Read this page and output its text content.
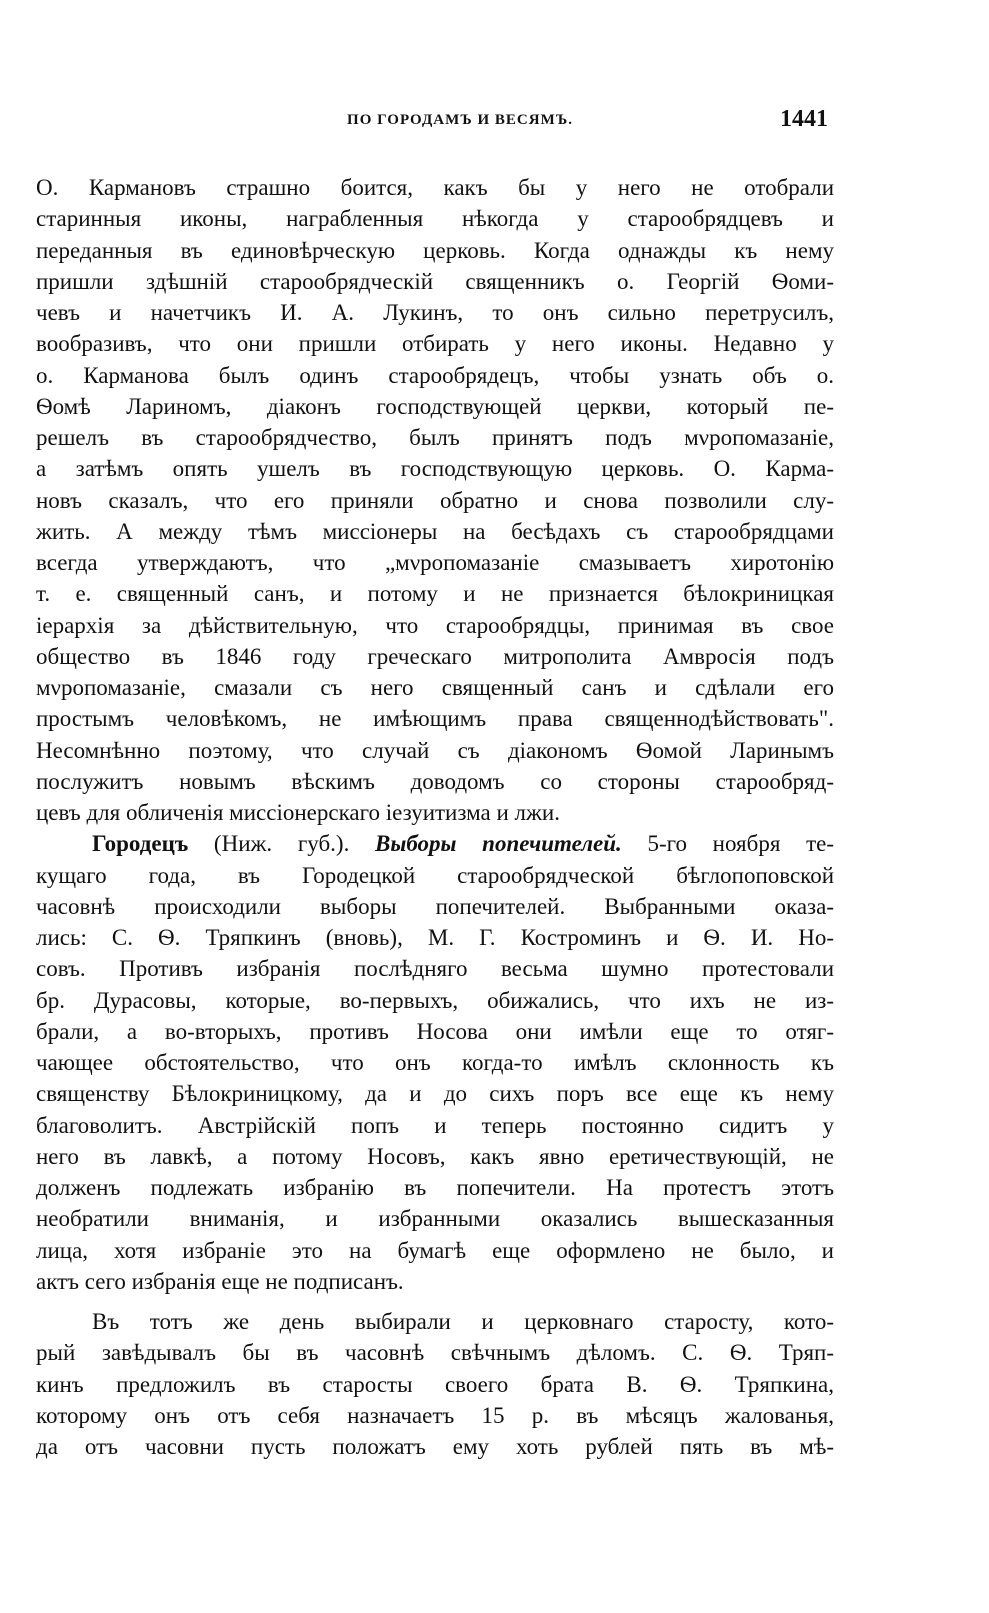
ПО ГОРОДАМЪ И ВЕСЯМЪ.	1441
О. Кармановъ страшно боится, какъ бы у него не отобрали
старинныя иконы, награбленныя нѣкогда у старообрядцевъ и
переданныя въ единовѣрческую церковь. Когда однажды къ нему
пришли здѣшній старообрядческій священникъ о. Георгій Ѳоми-
чевъ и начетчикъ И. А. Лукинъ, то онъ сильно перетрусилъ,
вообразивъ, что они пришли отбирать у него иконы. Недавно у
о. Карманова былъ одинъ старообрядецъ, чтобы узнать объ о.
Ѳомѣ Лариномъ, діаконъ господствующей церкви, который пе-
решелъ въ старообрядчество, былъ принятъ подъ мνропомазаніе,
а затѣмъ опять ушелъ въ господствующую церковь. О. Карма-
новъ сказалъ, что его приняли обратно и снова позволили слу-
жить. А между тѣмъ миссіонеры на бесѣдахъ съ старообрядцами
всегда утверждаютъ, что „мνропомазаніе смазываетъ хиротонію
т. е. священный санъ, и потому и не признается бѣлокриницкая
іерархія за дѣйствительную, что старообрядцы, принимая въ свое
общество въ 1846 году греческаго митрополита Амвросія подъ
мνропомазаніе, смазали съ него священный санъ и сдѣлали его
простымъ человѣкомъ, не имѣющимъ права священнодѣйствовать".
Несомнѣнно поэтому, что случай съ діакономъ Ѳомой Ларинымъ
послужитъ новымъ вѣскимъ доводомъ со стороны старообряд-
цевъ для обличенія миссіонерскаго іезуитизма и лжи.
Городецъ (Ниж. губ.). Выборы попечителей. 5-го ноября те-
кущаго года, въ Городецкой старообрядческой бѣглопоповской
часовнѣ происходили выборы попечителей. Выбранными оказа-
лись: С. Ѳ. Тряпкинъ (вновь), М. Г. Костроминъ и Ѳ. И. Но-
совъ. Противъ избранія послѣдняго весьма шумно протестовали
бр. Дурасовы, которые, во-первыхъ, обижались, что ихъ не из-
брали, а во-вторыхъ, противъ Носова они имѣли еще то отяг-
чающее обстоятельство, что онъ когда-то имѣлъ склонность къ
священству Бѣлокриницкому, да и до сихъ поръ все еще къ нему
благоволитъ. Австрійскій попъ и теперь постоянно сидитъ у
него въ лавкѣ, а потому Носовъ, какъ явно еретичествующій, не
долженъ подлежать избранію въ попечители. На протестъ этотъ
необратили вниманія, и избранными оказались вышесказанныя
лица, хотя избраніе это на бумагѣ еще оформлено не было, и
актъ сего избранія еще не подписанъ.
Въ тотъ же день выбирали и церковнаго старосту, кото-
рый завѣдывалъ бы въ часовнѣ свѣчнымъ дѣломъ. С. Ѳ. Тряп-
кинъ предложилъ въ старосты своего брата В. Ѳ. Тряпкина,
которому онъ отъ себя назначаетъ 15 р. въ мѣсяцъ жалованья,
да отъ часовни пусть положатъ ему хоть рублей пять въ мѣ-
